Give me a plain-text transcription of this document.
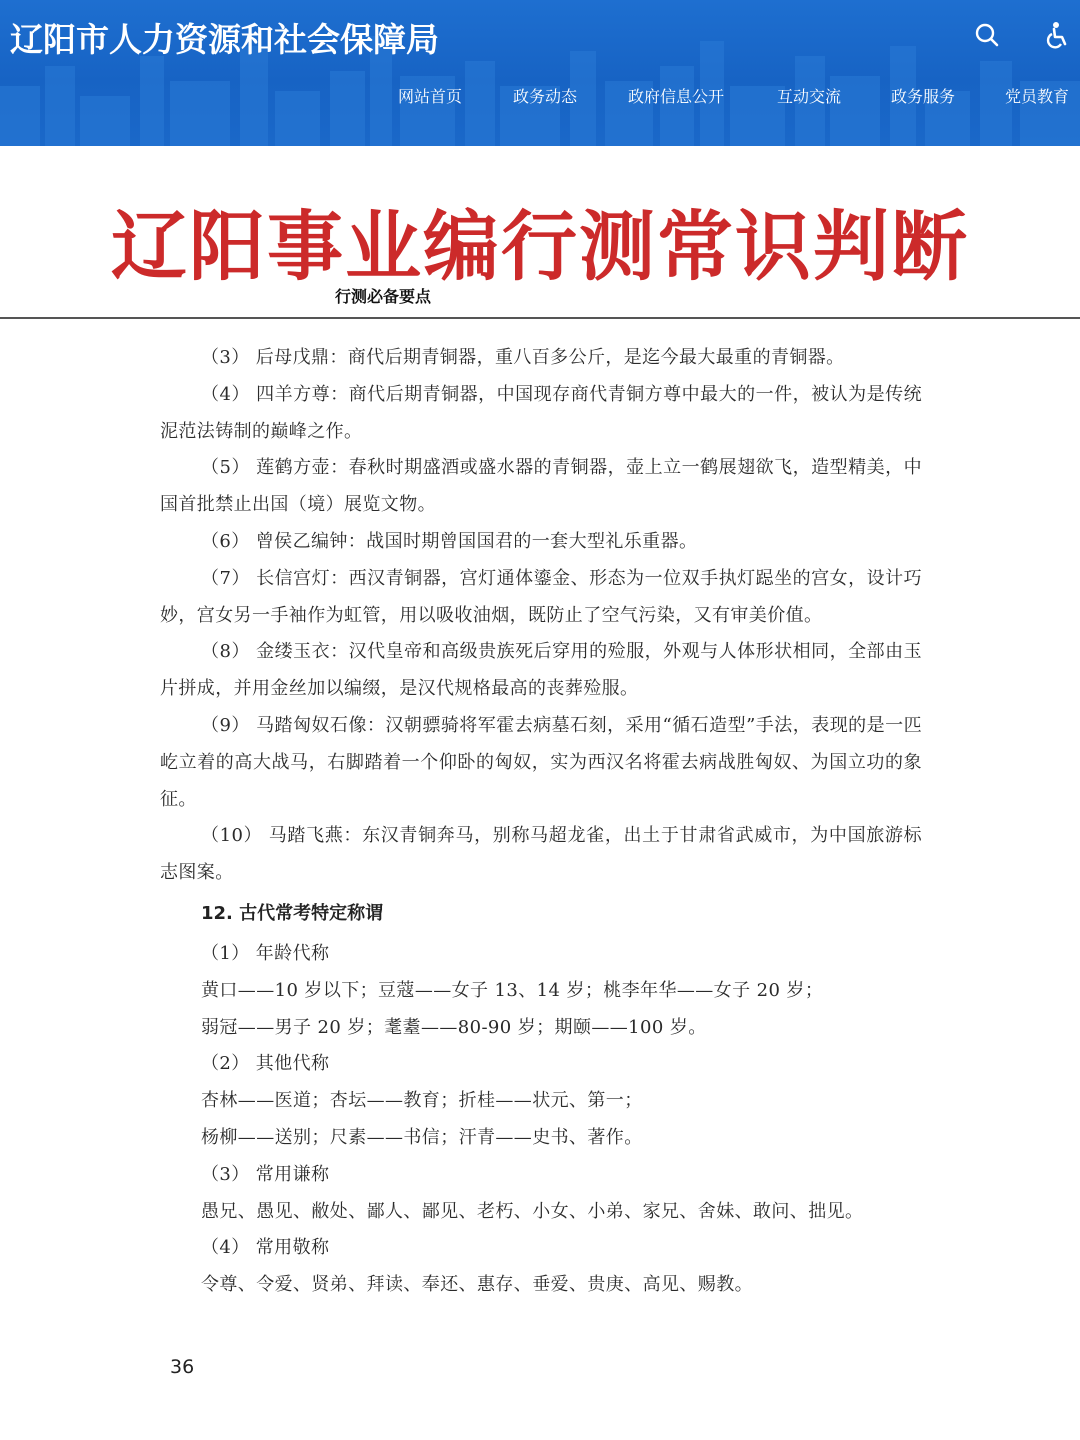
辽阳市人力资源和社会保障局
网站首页	政务动态	政府信息公开	互动交流	政务服务	党员教育
辽阳事业编行测常识判断
行测必备要点

（3） 后母戊鼎：商代后期青铜器，重八百多公斤，是迄今最大最重的青铜器。

（4） 四羊方尊：商代后期青铜器，中国现存商代青铜方尊中最大的一件，被认为是传统泥范法铸制的巅峰之作。

（5） 莲鹤方壶：春秋时期盛酒或盛水器的青铜器，壶上立一鹤展翅欲飞，造型精美，中国首批禁止出国（境）展览文物。

（6） 曾侯乙编钟：战国时期曾国国君的一套大型礼乐重器。

（7） 长信宫灯：西汉青铜器，宫灯通体鎏金、形态为一位双手执灯跽坐的宫女，设计巧妙，宫女另一手袖作为虹管，用以吸收油烟，既防止了空气污染，又有审美价值。

（8） 金缕玉衣：汉代皇帝和高级贵族死后穿用的殓服，外观与人体形状相同，全部由玉片拼成，并用金丝加以编缀，是汉代规格最高的丧葬殓服。

（9） 马踏匈奴石像：汉朝骠骑将军霍去病墓石刻，采用“循石造型”手法，表现的是一匹屹立着的高大战马，右脚踏着一个仰卧的匈奴，实为西汉名将霍去病战胜匈奴、为国立功的象征。

（10） 马踏飞燕：东汉青铜奔马，别称马超龙雀，出土于甘肃省武威市，为中国旅游标志图案。

12. 古代常考特定称谓

（1） 年龄代称

黄口——10 岁以下；豆蔻——女子 13、14 岁；桃李年华——女子 20 岁；

弱冠——男子 20 岁；耄耋——80-90 岁；期颐——100 岁。

（2） 其他代称

杏林——医道；杏坛——教育；折桂——状元、第一；

杨柳——送别；尺素——书信；汗青——史书、著作。

（3） 常用谦称

愚兄、愚见、敝处、鄙人、鄙见、老朽、小女、小弟、家兄、舍妹、敢问、拙见。

（4） 常用敬称

令尊、令爱、贤弟、拜读、奉还、惠存、垂爱、贵庚、高见、赐教。

36
